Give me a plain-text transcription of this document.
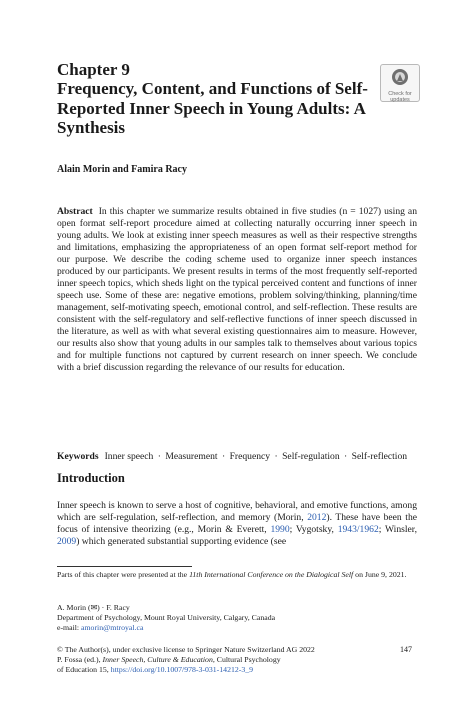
Chapter 9
Frequency, Content, and Functions of Self-Reported Inner Speech in Young Adults: A Synthesis
Check for
updates
Alain Morin and Famira Racy
Abstract In this chapter we summarize results obtained in five studies (n = 1027) using an open format self-report procedure aimed at collecting naturally occurring inner speech in young adults. We look at existing inner speech measures as well as their respective strengths and limitations, emphasizing the appropriateness of an open format self-report method for our purpose. We describe the coding scheme used to organize inner speech instances produced by our participants. We present results in terms of the most frequently self-reported inner speech topics, which sheds light on the typical perceived content and functions of inner speech use. Some of these are: negative emotions, problem solving/thinking, planning/time management, self-motivating speech, emotional control, and self-reflection. These results are consistent with the self-regulatory and self-reflective functions of inner speech discussed in the literature, as well as with what several existing questionnaires aim to measure. However, our results also show that young adults in our samples talk to themselves about various topics and for multiple functions not captured by current research on inner speech. We conclude with a brief discussion regarding the relevance of our results for education.
Keywords Inner speech · Measurement · Frequency · Self-regulation · Self-reflection
Introduction
Inner speech is known to serve a host of cognitive, behavioral, and emotive functions, among which are self-regulation, self-reflection, and memory (Morin, 2012). These have been the focus of intensive theorizing (e.g., Morin & Everett, 1990; Vygotsky, 1943/1962; Winsler, 2009) which generated substantial supporting evidence (see
Parts of this chapter were presented at the 11th International Conference on the Dialogical Self on June 9, 2021.
A. Morin (✉) · F. Racy
Department of Psychology, Mount Royal University, Calgary, Canada
e-mail: amorin@mtroyal.ca
© The Author(s), under exclusive license to Springer Nature Switzerland AG 2022
P. Fossa (ed.), Inner Speech, Culture & Education, Cultural Psychology
of Education 15, https://doi.org/10.1007/978-3-031-14212-3_9
147
